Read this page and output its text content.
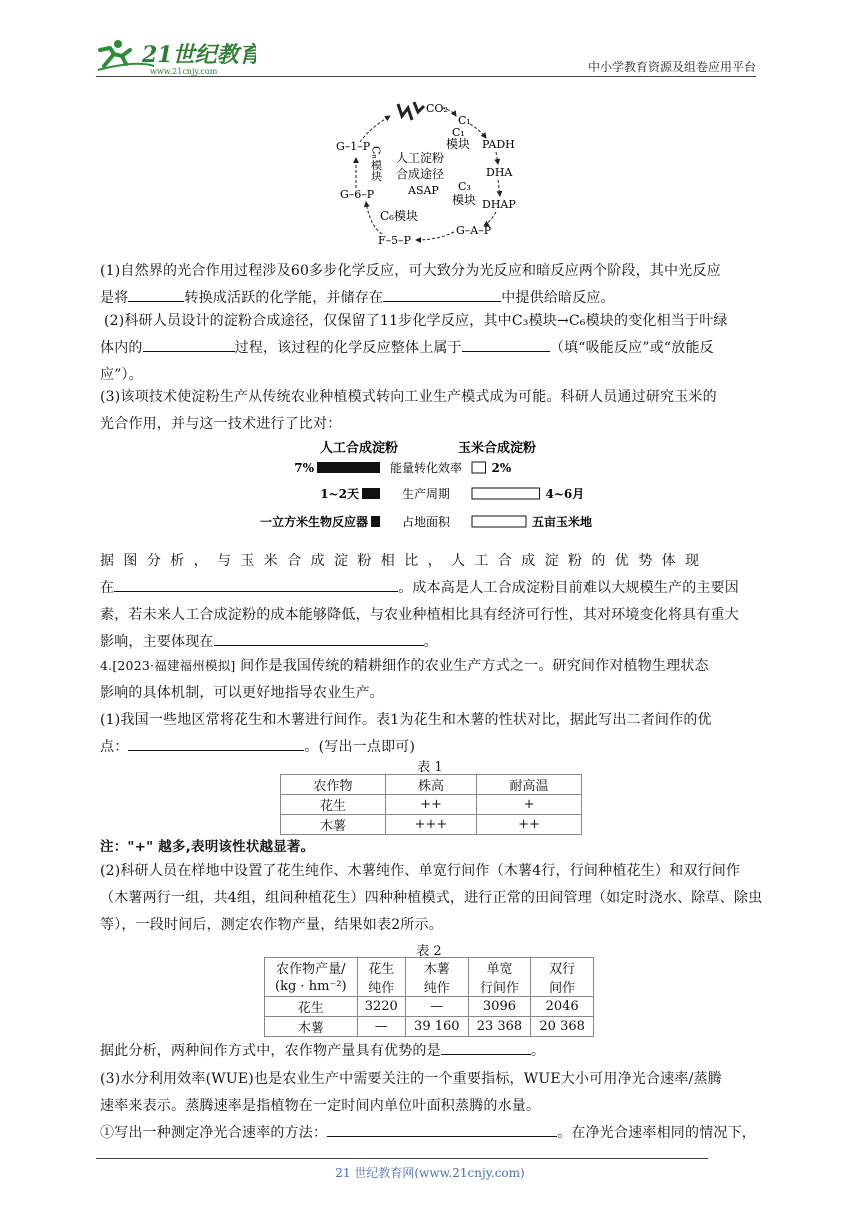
21世纪教育
www.21cnjy.com	中小学教育资源及组卷应用平台
CO₂
C₁
C₁
模块 PADH
DHA
C₃
模块 DHAP
G–A–P
C₆模块
F–5–P
G–6–P
G–1–P Cₙ模块 人工淀粉
合成途径
ASAP
(1)自然界的光合作用过程涉及60多步化学反应，可大致分为光反应和暗反应两个阶段，其中光反应
是将	转换成活跃的化学能，并储存在	中提供给暗反应。
(2)科研人员设计的淀粉合成途径，仅保留了11步化学反应，其中C₃模块→C₆模块的变化相当于叶绿
体内的	过程，该过程的化学反应整体上属于	（填“吸能反应”或“放能反
应”）。
(3)该项技术使淀粉生产从传统农业种植模式转向工业生产模式成为可能。科研人员通过研究玉米的
光合作用，并与这一技术进行了比对：
人工合成淀粉	玉米合成淀粉
能量转化效率
7%	2%
生产周期
1~2天	4~6月
占地面积
一立方米生物反应器	五亩玉米地
据图分析，与玉米合成淀粉相比，人工合成淀粉的优势体现
在	。成本高是人工合成淀粉目前难以大规模生产的主要因
素，若未来人工合成淀粉的成本能够降低，与农业种植相比具有经济可行性，其对环境变化将具有重大
影响，主要体现在	。
4.[2023·福建福州模拟] 间作是我国传统的精耕细作的农业生产方式之一。研究间作对植物生理状态
影响的具体机制，可以更好地指导农业生产。
(1)我国一些地区常将花生和木薯进行间作。表1为花生和木薯的性状对比，据此写出二者间作的优
点：	。(写出一点即可)
表 1
农作物	株高	耐高温
花生	++	+
木薯	+++	++
注："+" 越多,表明该性状越显著。
(2)科研人员在样地中设置了花生纯作、木薯纯作、单宽行间作（木薯4行，行间种植花生）和双行间作
（木薯两行一组，共4组，组间种植花生）四种种植模式，进行正常的田间管理（如定时浇水、除草、除虫
等），一段时间后，测定农作物产量，结果如表2所示。
表 2
农作物产量/	花生	木薯	单宽	双行
(kg · hm⁻²)	纯作	纯作	行间作	间作
花生	3220	—	3096	2046
木薯	—	39 160	23 368	20 368
据此分析，两种间作方式中，农作物产量具有优势的是	。
(3)水分利用效率(WUE)也是农业生产中需要关注的一个重要指标，WUE大小可用净光合速率/蒸腾
速率来表示。蒸腾速率是指植物在一定时间内单位叶面积蒸腾的水量。
①写出一种测定净光合速率的方法：	。在净光合速率相同的情况下，
21 世纪教育网(www.21cnjy.com)
